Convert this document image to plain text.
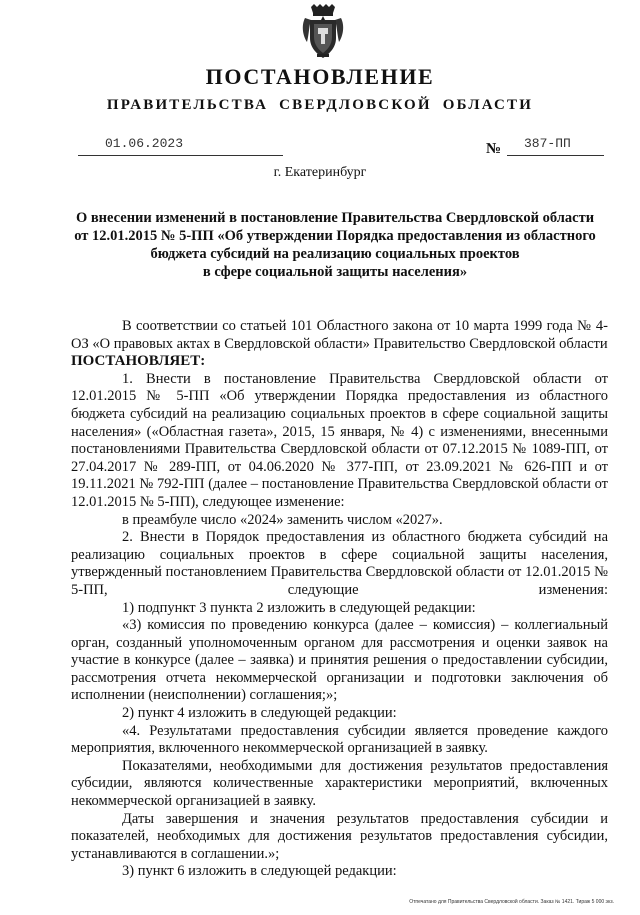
ПОСТАНОВЛЕНИЕ
ПРАВИТЕЛЬСТВА СВЕРДЛОВСКОЙ ОБЛАСТИ
01.06.2023	№ 387-ПП
г. Екатеринбург
О внесении изменений в постановление Правительства Свердловской области
от 12.01.2015 № 5-ПП «Об утверждении Порядка предоставления из областного
бюджета субсидий на реализацию социальных проектов
в сфере социальной защиты населения»

В соответствии со статьей 101 Областного закона от 10 марта 1999 года № 4-ОЗ «О правовых актах в Свердловской области» Правительство Свердловской области

ПОСТАНОВЛЯЕТ:

1. Внести в постановление Правительства Свердловской области от 12.01.2015 № 5-ПП «Об утверждении Порядка предоставления из областного бюджета субсидий на реализацию социальных проектов в сфере социальной защиты населения» («Областная газета», 2015, 15 января, № 4) с изменениями, внесенными постановлениями Правительства Свердловской области от 07.12.2015 № 1089-ПП, от 27.04.2017 № 289-ПП, от 04.06.2020 № 377-ПП, от 23.09.2021 № 626-ПП и от 19.11.2021 № 792-ПП (далее – постановление Правительства Свердловской области от 12.01.2015 № 5-ПП), следующее изменение:

в преамбуле число «2024» заменить числом «2027».

2. Внести в Порядок предоставления из областного бюджета субсидий на реализацию социальных проектов в сфере социальной защиты населения, утвержденный постановлением Правительства Свердловской области от 12.01.2015 № 5-ПП, следующие изменения:

1) подпункт 3 пункта 2 изложить в следующей редакции:

«3) комиссия по проведению конкурса (далее – комиссия) – коллегиальный орган, созданный уполномоченным органом для рассмотрения и оценки заявок на участие в конкурсе (далее – заявка) и принятия решения о предоставлении субсидии, рассмотрения отчета некоммерческой организации и подготовки заключения об исполнении (неисполнении) соглашения;»;

2) пункт 4 изложить в следующей редакции:

«4. Результатами предоставления субсидии является проведение каждого мероприятия, включенного некоммерческой организацией в заявку.

Показателями, необходимыми для достижения результатов предоставления субсидии, являются количественные характеристики мероприятий, включенных некоммерческой организацией в заявку.

Даты завершения и значения результатов предоставления субсидии и показателей, необходимых для достижения результатов предоставления субсидии, устанавливаются в соглашении.»;

3) пункт 6 изложить в следующей редакции:

Отпечатано для Правительства Свердловской области. Заказ № 1421. Тираж 5 000 экз.
